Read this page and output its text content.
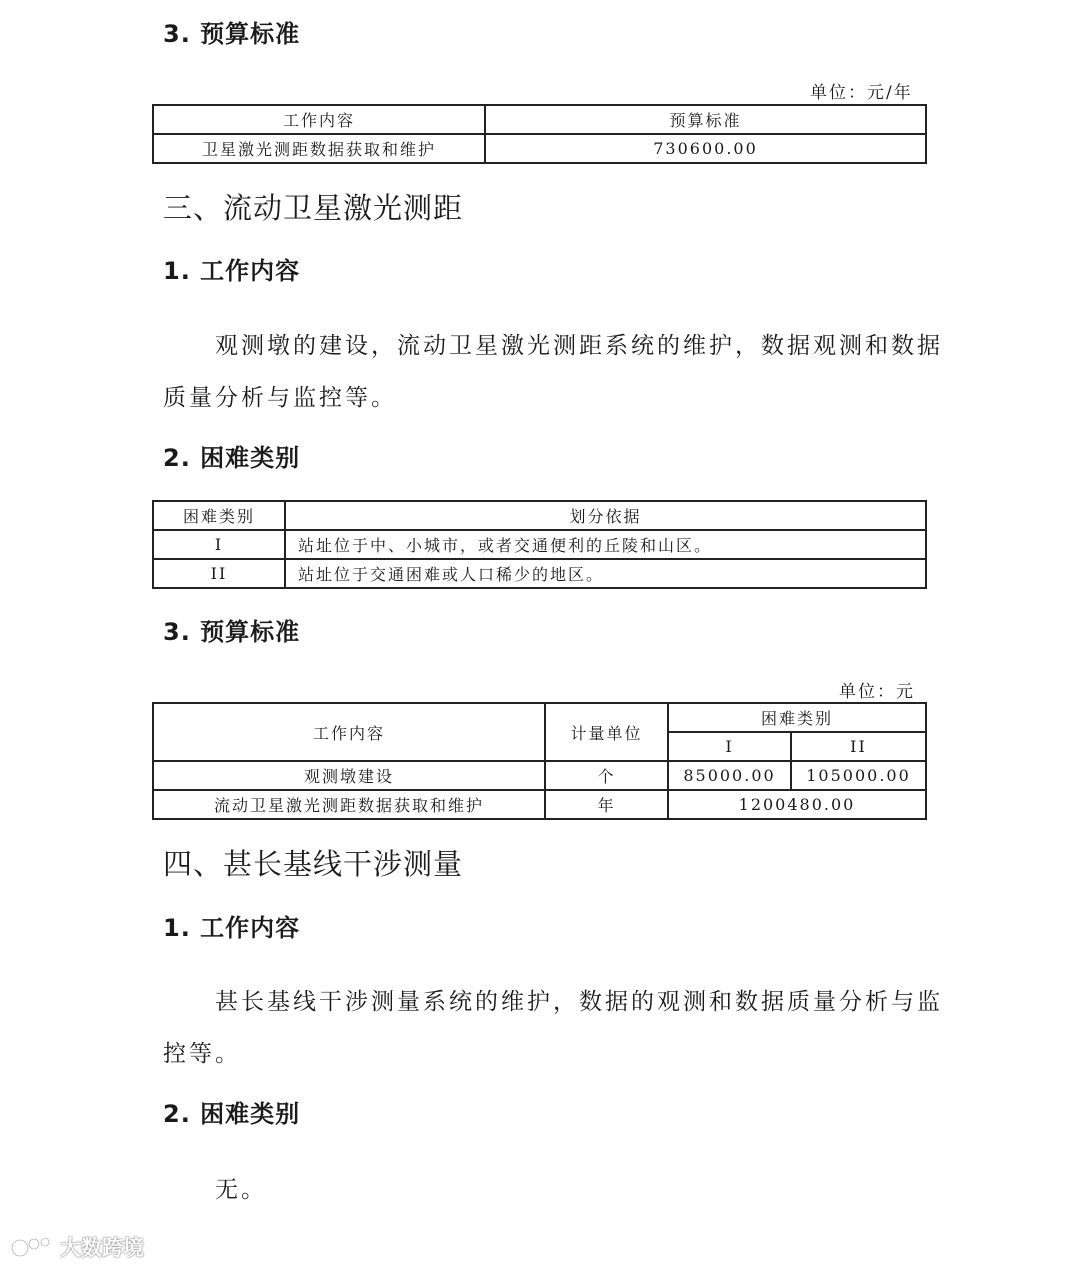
3. 预算标准
单位：元/年
工作内容	预算标准
卫星激光测距数据获取和维护	730600.00
三、流动卫星激光测距
1. 工作内容
观测墩的建设，流动卫星激光测距系统的维护，数据观测和数据
质量分析与监控等。
2. 困难类别
困难类别	划分依据
I	站址位于中、小城市，或者交通便利的丘陵和山区。
II	站址位于交通困难或人口稀少的地区。
3. 预算标准
单位：元
工作内容	计量单位	困难类别	
		I	II
观测墩建设	个	85000.00	105000.00
流动卫星激光测距数据获取和维护	年	1200480.00	
四、甚长基线干涉测量
1. 工作内容
甚长基线干涉测量系统的维护，数据的观测和数据质量分析与监
控等。
2. 困难类别
无。
大数跨境
